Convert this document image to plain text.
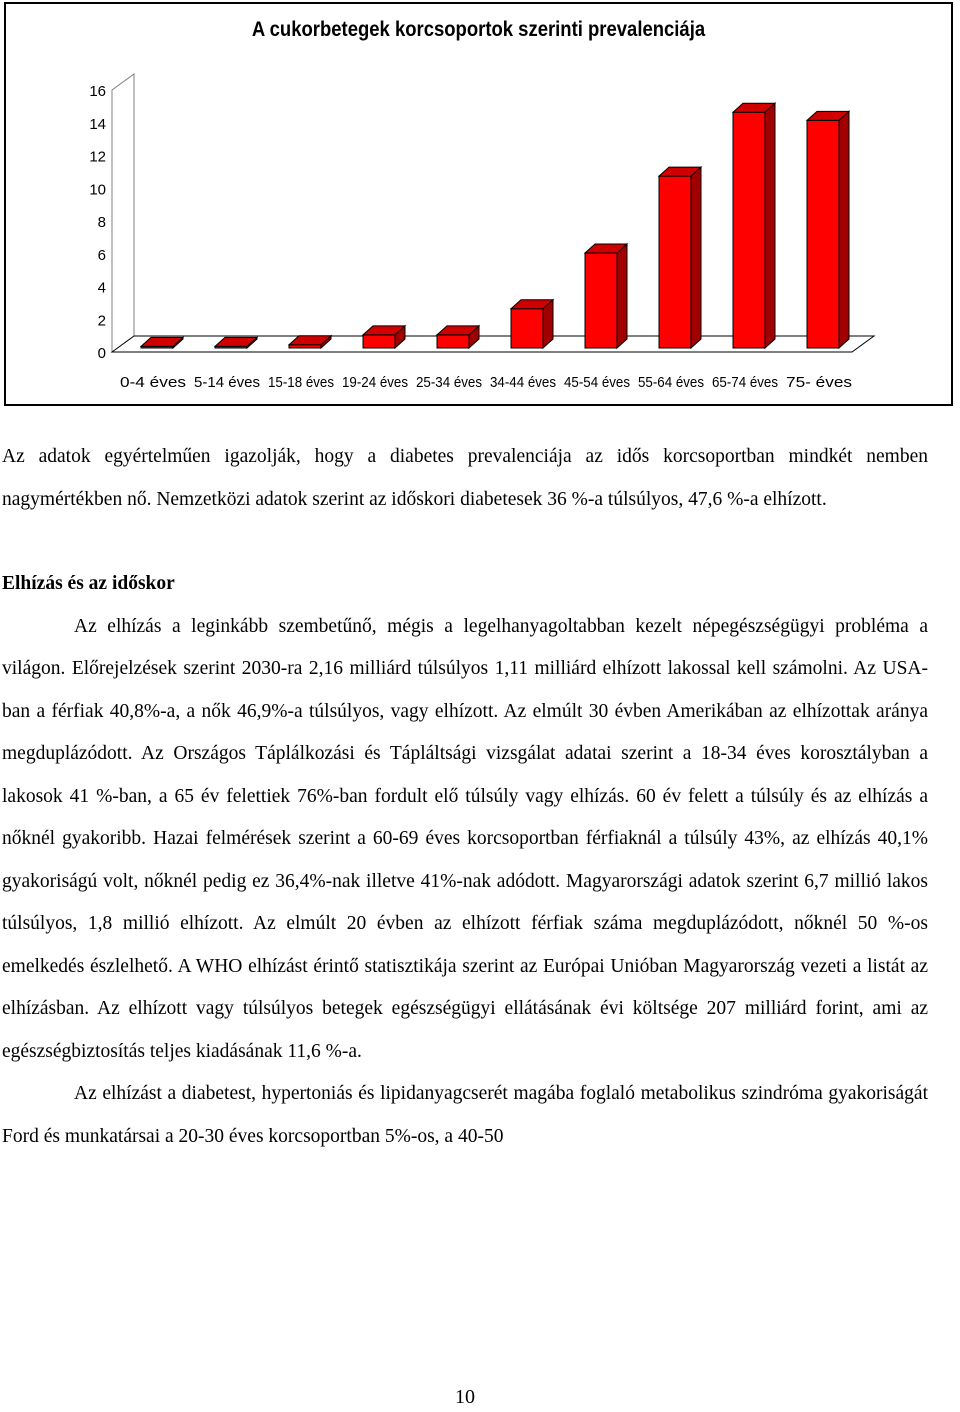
A cukorbetegek korcsoportok szerinti prevalenciája
0
2
4
6
8
10
12
14
16
0-4 éves 5-14 éves 15-18 éves 19-24 éves 25-34 éves 34-44 éves 45-54 éves 55-64 éves 65-74 éves 75- éves

Az adatok egyértelműen igazolják, hogy a diabetes prevalenciája az idős korcsoportban mindkét nemben nagymértékben nő. Nemzetközi adatok szerint az időskori diabetesek 36 %-a túlsúlyos, 47,6 %-a elhízott.

Elhízás és az időskor

Az elhízás a leginkább szembetűnő, mégis a legelhanyagoltabban kezelt népegészségügyi probléma a világon. Előrejelzések szerint 2030-ra 2,16 milliárd túlsúlyos 1,11 milliárd elhízott lakossal kell számolni. Az USA-ban a férfiak 40,8%-a, a nők 46,9%-a túlsúlyos, vagy elhízott. Az elmúlt 30 évben Amerikában az elhízottak aránya megduplázódott. Az Országos Táplálkozási és Tápláltsági vizsgálat adatai szerint a 18-34 éves korosztályban a lakosok 41 %-ban, a 65 év felettiek 76%-ban fordult elő túlsúly vagy elhízás. 60 év felett a túlsúly és az elhízás a nőknél gyakoribb. Hazai felmérések szerint a 60-69 éves korcsoportban férfiaknál a túlsúly 43%, az elhízás 40,1% gyakoriságú volt, nőknél pedig ez 36,4%-nak illetve 41%-nak adódott. Magyarországi adatok szerint 6,7 millió lakos túlsúlyos, 1,8 millió elhízott. Az elmúlt 20 évben az elhízott férfiak száma megduplázódott, nőknél 50 %-os emelkedés észlelhető. A WHO elhízást érintő statisztikája szerint az Európai Unióban Magyarország vezeti a listát az elhízásban. Az elhízott vagy túlsúlyos betegek egészségügyi ellátásának évi költsége 207 milliárd forint, ami az egészségbiztosítás teljes kiadásának 11,6 %-a.

Az elhízást a diabetest, hypertoniás és lipidanyagcserét magába foglaló metabolikus szindróma gyakoriságát Ford és munkatársai a 20-30 éves korcsoportban 5%-os, a 40-50

10
